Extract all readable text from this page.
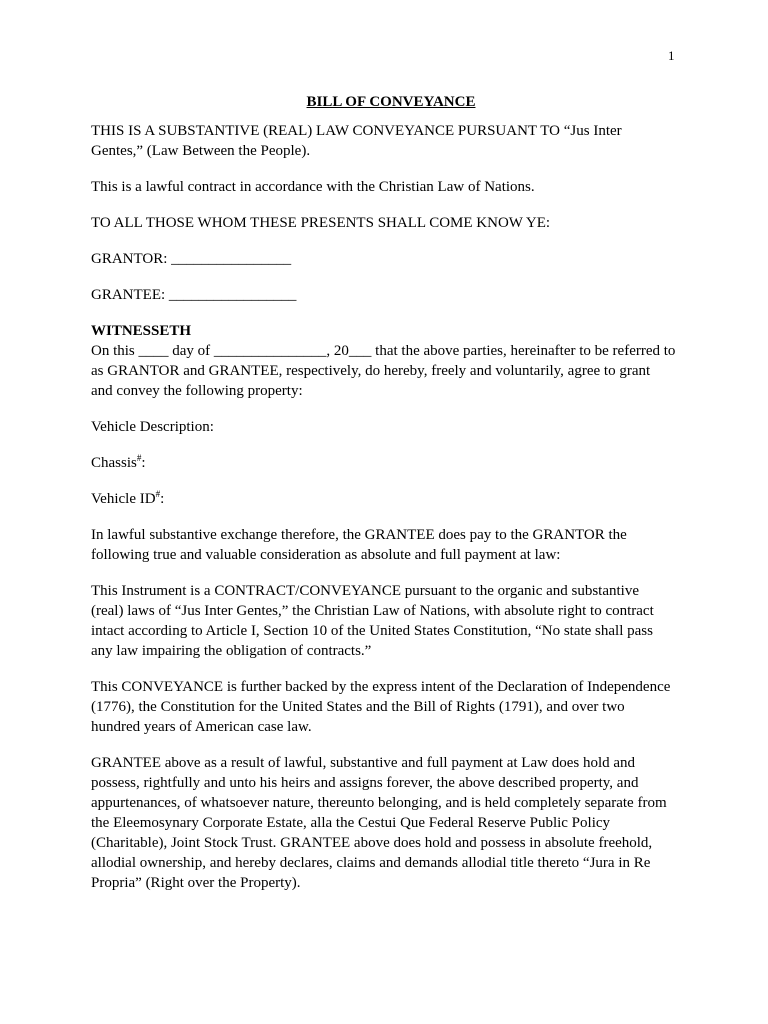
1
BILL OF CONVEYANCE

THIS IS A SUBSTANTIVE (REAL) LAW CONVEYANCE PURSUANT TO “Jus Inter
Gentes,” (Law Between the People).

This is a lawful contract in accordance with the Christian Law of Nations.

TO ALL THOSE WHOM THESE PRESENTS SHALL COME KNOW YE:

GRANTOR: ________________

GRANTEE: _________________

WITNESSETH

On this ____ day of _______________, 20___ that the above parties, hereinafter to be referred to
as GRANTOR and GRANTEE, respectively, do hereby, freely and voluntarily, agree to grant
and convey the following property:

Vehicle Description:

Chassis#:

Vehicle ID#:

In lawful substantive exchange therefore, the GRANTEE does pay to the GRANTOR the
following true and valuable consideration as absolute and full payment at law:

This Instrument is a CONTRACT/CONVEYANCE pursuant to the organic and substantive
(real) laws of “Jus Inter Gentes,” the Christian Law of Nations, with absolute right to contract
intact according to Article I, Section 10 of the United States Constitution, “No state shall pass
any law impairing the obligation of contracts.”

This CONVEYANCE is further backed by the express intent of the Declaration of Independence
(1776), the Constitution for the United States and the Bill of Rights (1791), and over two
hundred years of American case law.

GRANTEE above as a result of lawful, substantive and full payment at Law does hold and
possess, rightfully and unto his heirs and assigns forever, the above described property, and
appurtenances, of whatsoever nature, thereunto belonging, and is held completely separate from
the Eleemosynary Corporate Estate, alla the Cestui Que Federal Reserve Public Policy
(Charitable), Joint Stock Trust. GRANTEE above does hold and possess in absolute freehold,
allodial ownership, and hereby declares, claims and demands allodial title thereto “Jura in Re
Propria” (Right over the Property).
